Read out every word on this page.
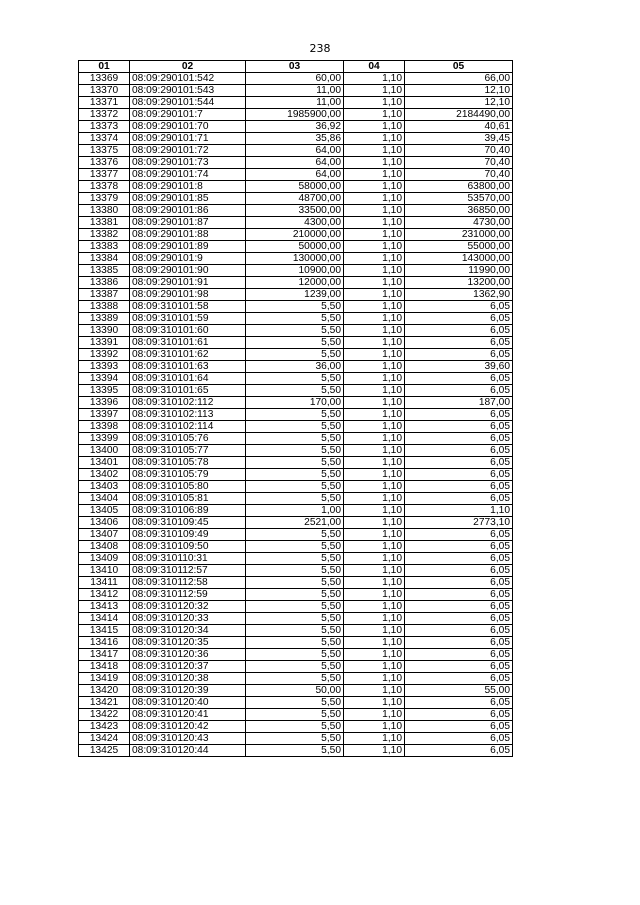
238
01	02	03	04	05
13369	08:09:290101:542	60,00	1,10	66,00
13370	08:09:290101:543	11,00	1,10	12,10
13371	08:09:290101:544	11,00	1,10	12,10
13372	08:09:290101:7	1985900,00	1,10	2184490,00
13373	08:09:290101:70	36,92	1,10	40,61
13374	08:09:290101:71	35,86	1,10	39,45
13375	08:09:290101:72	64,00	1,10	70,40
13376	08:09:290101:73	64,00	1,10	70,40
13377	08:09:290101:74	64,00	1,10	70,40
13378	08:09:290101:8	58000,00	1,10	63800,00
13379	08:09:290101:85	48700,00	1,10	53570,00
13380	08:09:290101:86	33500,00	1,10	36850,00
13381	08:09:290101:87	4300,00	1,10	4730,00
13382	08:09:290101:88	210000,00	1,10	231000,00
13383	08:09:290101:89	50000,00	1,10	55000,00
13384	08:09:290101:9	130000,00	1,10	143000,00
13385	08:09:290101:90	10900,00	1,10	11990,00
13386	08:09:290101:91	12000,00	1,10	13200,00
13387	08:09:290101:98	1239,00	1,10	1362,90
13388	08:09:310101:58	5,50	1,10	6,05
13389	08:09:310101:59	5,50	1,10	6,05
13390	08:09:310101:60	5,50	1,10	6,05
13391	08:09:310101:61	5,50	1,10	6,05
13392	08:09:310101:62	5,50	1,10	6,05
13393	08:09:310101:63	36,00	1,10	39,60
13394	08:09:310101:64	5,50	1,10	6,05
13395	08:09:310101:65	5,50	1,10	6,05
13396	08:09:310102:112	170,00	1,10	187,00
13397	08:09:310102:113	5,50	1,10	6,05
13398	08:09:310102:114	5,50	1,10	6,05
13399	08:09:310105:76	5,50	1,10	6,05
13400	08:09:310105:77	5,50	1,10	6,05
13401	08:09:310105:78	5,50	1,10	6,05
13402	08:09:310105:79	5,50	1,10	6,05
13403	08:09:310105:80	5,50	1,10	6,05
13404	08:09:310105:81	5,50	1,10	6,05
13405	08:09:310106:89	1,00	1,10	1,10
13406	08:09:310109:45	2521,00	1,10	2773,10
13407	08:09:310109:49	5,50	1,10	6,05
13408	08:09:310109:50	5,50	1,10	6,05
13409	08:09:310110:31	5,50	1,10	6,05
13410	08:09:310112:57	5,50	1,10	6,05
13411	08:09:310112:58	5,50	1,10	6,05
13412	08:09:310112:59	5,50	1,10	6,05
13413	08:09:310120:32	5,50	1,10	6,05
13414	08:09:310120:33	5,50	1,10	6,05
13415	08:09:310120:34	5,50	1,10	6,05
13416	08:09:310120:35	5,50	1,10	6,05
13417	08:09:310120:36	5,50	1,10	6,05
13418	08:09:310120:37	5,50	1,10	6,05
13419	08:09:310120:38	5,50	1,10	6,05
13420	08:09:310120:39	50,00	1,10	55,00
13421	08:09:310120:40	5,50	1,10	6,05
13422	08:09:310120:41	5,50	1,10	6,05
13423	08:09:310120:42	5,50	1,10	6,05
13424	08:09:310120:43	5,50	1,10	6,05
13425	08:09:310120:44	5,50	1,10	6,05
